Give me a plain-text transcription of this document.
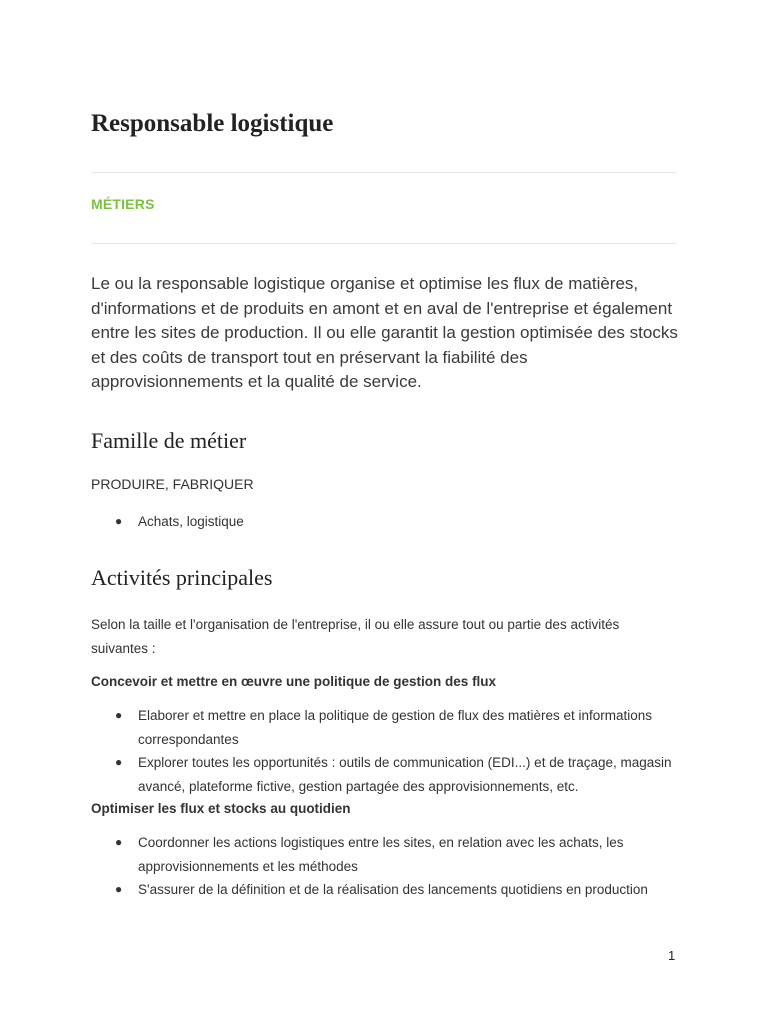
Responsable logistique
MÉTIERS

Le ou la responsable logistique organise et optimise les flux de matières, d'informations et de produits en amont et en aval de l'entreprise et également entre les sites de production. Il ou elle garantit la gestion optimisée des stocks et des coûts de transport tout en préservant la fiabilité des approvisionnements et la qualité de service.

Famille de métier

PRODUIRE, FABRIQUER

● Achats, logistique
Activités principales

Selon la taille et l'organisation de l'entreprise, il ou elle assure tout ou partie des activités suivantes :

Concevoir et mettre en œuvre une politique de gestion des flux

● Elaborer et mettre en place la politique de gestion de flux des matières et informations correspondantes
● Explorer toutes les opportunités : outils de communication (EDI...) et de traçage, magasin avancé, plateforme fictive, gestion partagée des approvisionnements, etc.

Optimiser les flux et stocks au quotidien

● Coordonner les actions logistiques entre les sites, en relation avec les achats, les approvisionnements et les méthodes
● S'assurer de la définition et de la réalisation des lancements quotidiens en production
1
